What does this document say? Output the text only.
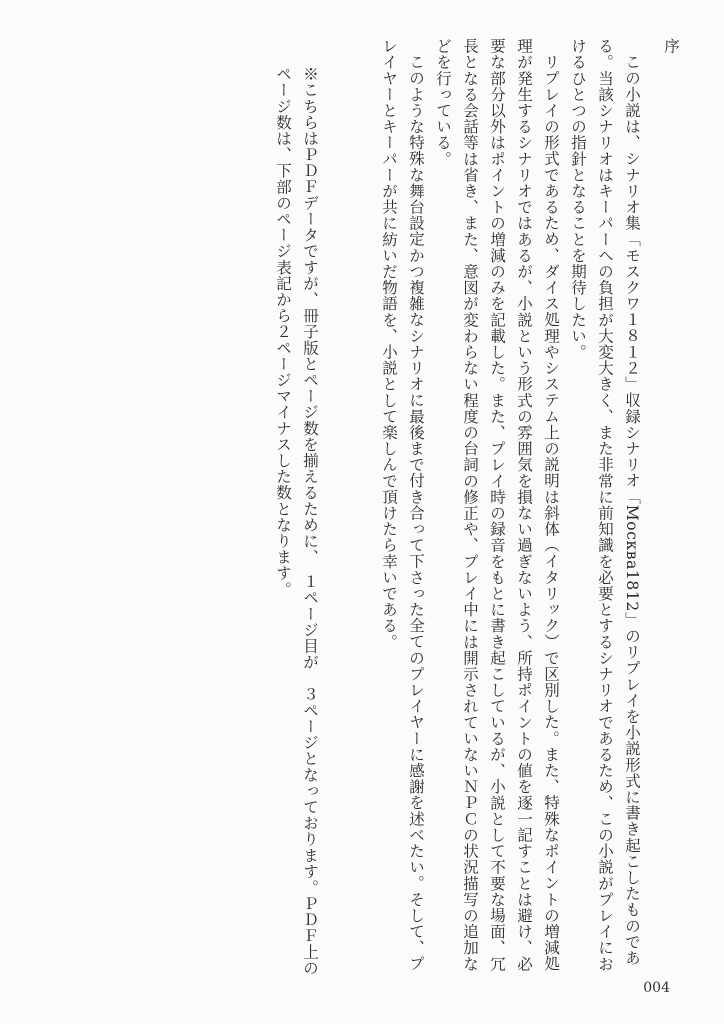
序

この小説は、シナリオ集「モスクワ１８１２」収録シナリオ「Москва1812」のリプレイを小説形式に書き起こしたものである。当該シナリオはキーパーへの負担が大変大きく、また非常に前知識を必要とするシナリオであるため、この小説がプレイにおけるひとつの指針となることを期待したい。

リプレイの形式であるため、ダイス処理やシステム上の説明は斜体（イタリック）で区別した。また、特殊なポイントの増減処理が発生するシナリオではあるが、小説という形式の雰囲気を損ない過ぎないよう、所持ポイントの値を逐一記すことは避け、必要な部分以外はポイントの増減のみを記載した。また、プレイ時の録音をもとに書き起こしているが、小説として不要な場面、冗長となる会話等は省き、また、意図が変わらない程度の台詞の修正や、プレイ中には開示されていないＮＰＣの状況描写の追加などを行っている。

このような特殊な舞台設定かつ複雑なシナリオに最後まで付き合って下さった全てのプレイヤーに感謝を述べたい。そして、プレイヤーとキーパーが共に紡いだ物語を、小説として楽しんで頂けたら幸いである。

※こちらはＰＤＦデータですが、冊子版とページ数を揃えるために、　１ページ目が　３ページとなっております。ＰＤＦ上のページ数は、下部のページ表記から２ページマイナスした数となります。

004
